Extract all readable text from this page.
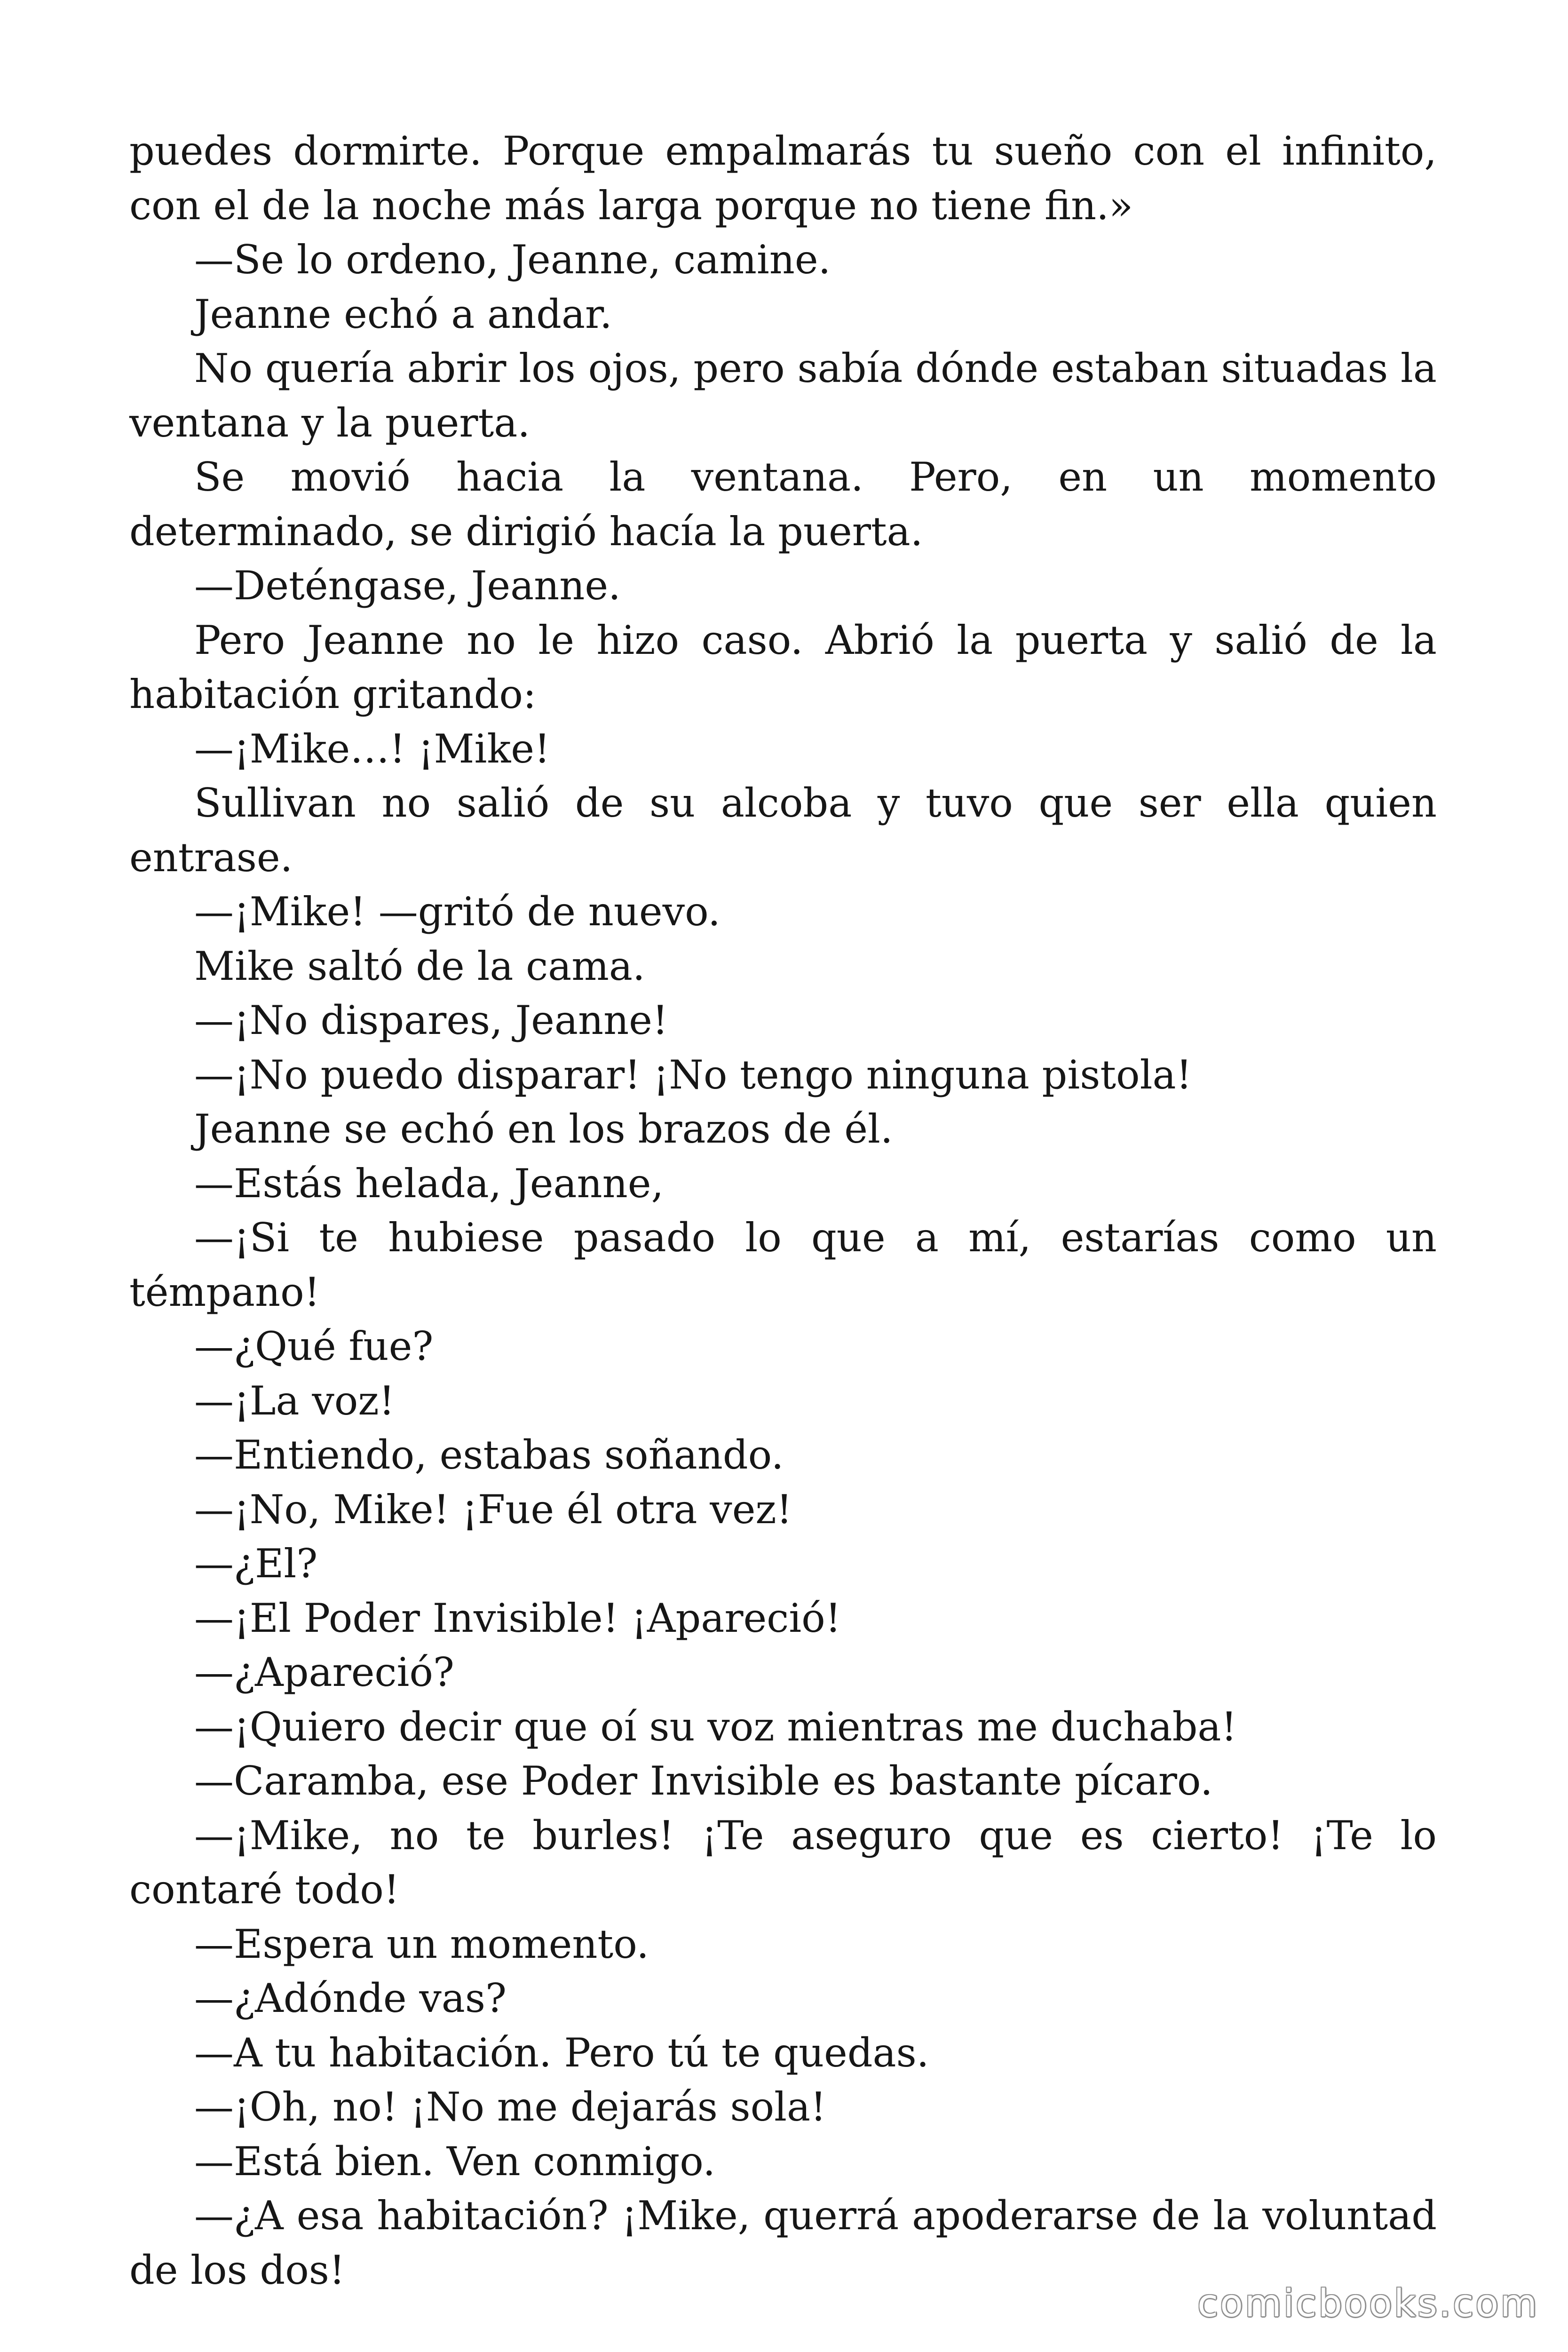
puedes dormirte. Porque empalmarás tu sueño con el infinito, con el de la noche más larga porque no tiene fin.»

—Se lo ordeno, Jeanne, camine.

Jeanne echó a andar.

No quería abrir los ojos, pero sabía dónde estaban situadas la ventana y la puerta.

Se movió hacia la ventana. Pero, en un momento determinado, se dirigió hacía la puerta.

—Deténgase, Jeanne.

Pero Jeanne no le hizo caso. Abrió la puerta y salió de la habitación gritando:

—¡Mike…! ¡Mike!

Sullivan no salió de su alcoba y tuvo que ser ella quien entrase.

—¡Mike! —gritó de nuevo.

Mike saltó de la cama.

—¡No dispares, Jeanne!

—¡No puedo disparar! ¡No tengo ninguna pistola!

Jeanne se echó en los brazos de él.

—Estás helada, Jeanne,

—¡Si te hubiese pasado lo que a mí, estarías como un témpano!

—¿Qué fue?

—¡La voz!

—Entiendo, estabas soñando.

—¡No, Mike! ¡Fue él otra vez!

—¿El?

—¡El Poder Invisible! ¡Apareció!

—¿Apareció?

—¡Quiero decir que oí su voz mientras me duchaba!

—Caramba, ese Poder Invisible es bastante pícaro.

—¡Mike, no te burles! ¡Te aseguro que es cierto! ¡Te lo contaré todo!

—Espera un momento.

—¿Adónde vas?

—A tu habitación. Pero tú te quedas.

—¡Oh, no! ¡No me dejarás sola!

—Está bien. Ven conmigo.

—¿A esa habitación? ¡Mike, querrá apoderarse de la voluntad de los dos!

comicbooks.com
